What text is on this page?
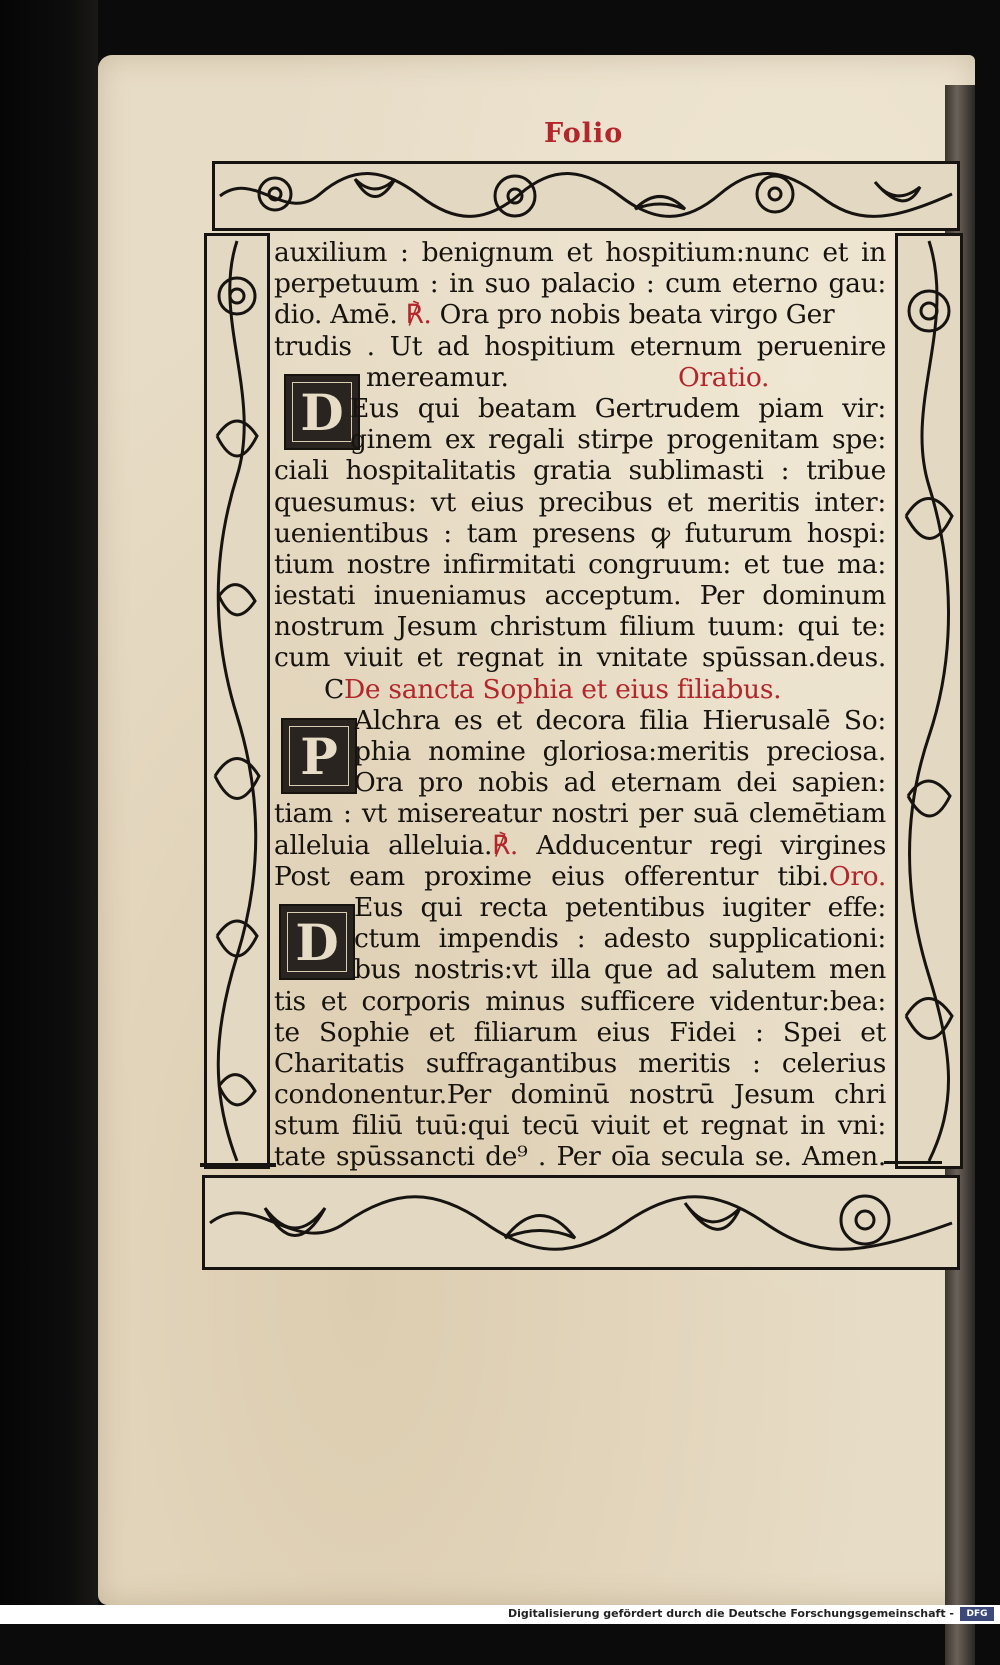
Folio
D
P
D
auxilium : benignum et hospitium:nunc et in
perpetuum : in suo palacio : cum eterno gau:
dio. Amē. ℟. Ora pro nobis beata virgo Ger
trudis . Ut ad hospitium eternum peruenire
mereamur.	Oratio.
Eus qui beatam Gertrudem piam vir:
ginem ex regali stirpe progenitam spe:
ciali hospitalitatis gratia sublimasti : tribue
quesumus: vt eius precibus et meritis inter:
uenientibus : tam presens ꝙ futurum hospi:
tium nostre infirmitati congruum: et tue ma:
iestati inueniamus acceptum. Per dominum
nostrum Jesum christum filium tuum: qui te:
cum viuit et regnat in vnitate spūssan.deus.
CDe sancta Sophia et eius filiabus.
Alchra es et decora filia Hierusalē So:
phia nomine gloriosa:meritis preciosa.
Ora pro nobis ad eternam dei sapien:
tiam : vt misereatur nostri per suā clemētiam
alleluia alleluia.℟. Adducentur regi virgines
Post eam proxime eius offerentur tibi.Oro.
Eus qui recta petentibus iugiter effe:
ctum impendis : adesto supplicationi:
bus nostris:vt illa que ad salutem men
tis et corporis minus sufficere videntur:bea:
te Sophie et filiarum eius Fidei : Spei et
Charitatis suffragantibus meritis : celerius
condonentur.Per dominū nostrū Jesum chri
stum filiū tuū:qui tecū viuit et regnat in vni:
tate spūssancti de⁹ . Per oīa secula se. Amen.
Digitalisierung gefördert durch die Deutsche Forschungsgemeinschaft -	DFG
